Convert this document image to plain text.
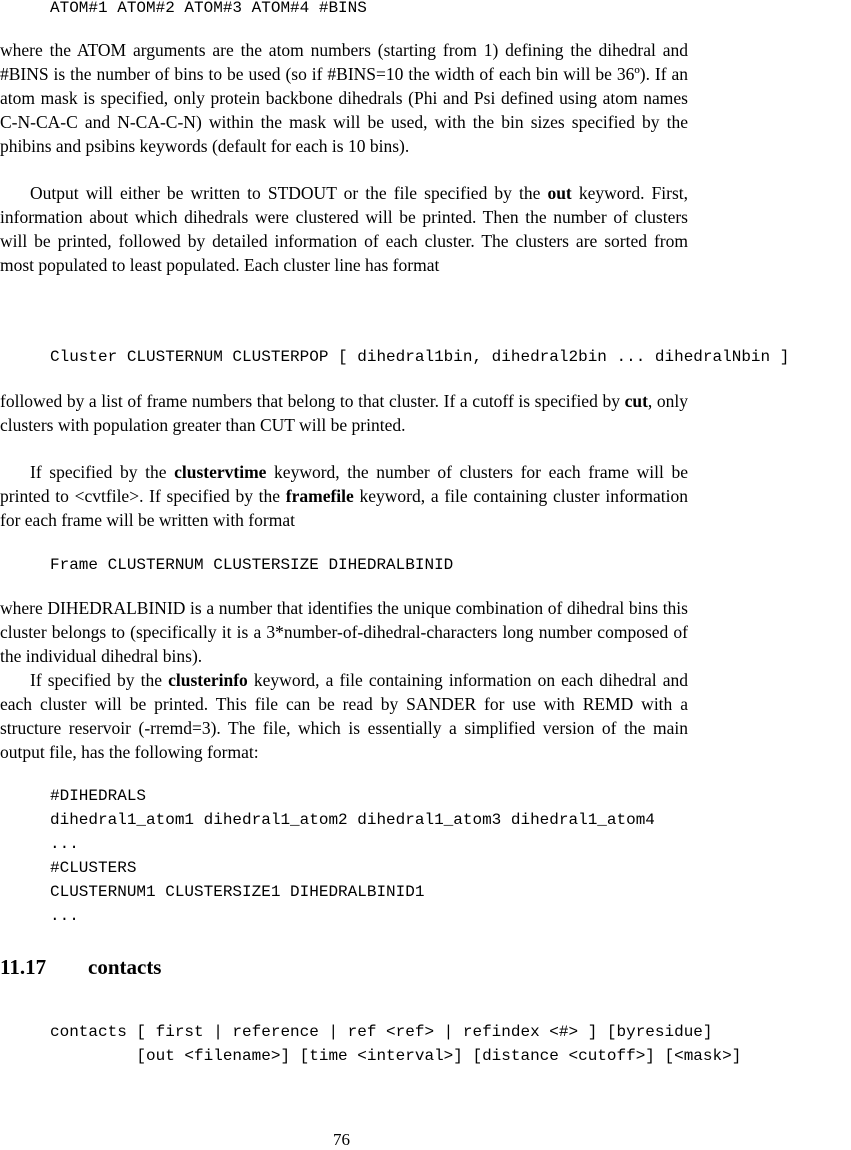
ATOM#1 ATOM#2 ATOM#3 ATOM#4 #BINS

where the ATOM arguments are the atom numbers (starting from 1) defining the dihedral and #BINS is the number of bins to be used (so if #BINS=10 the width of each bin will be 36º). If an atom mask is specified, only protein backbone dihedrals (Phi and Psi defined using atom names C-N-CA-C and N-CA-C-N) within the mask will be used, with the bin sizes specified by the phibins and psibins keywords (default for each is 10 bins).

Output will either be written to STDOUT or the file specified by the out keyword. First, information about which dihedrals were clustered will be printed. Then the number of clusters will be printed, followed by detailed information of each cluster. The clusters are sorted from most populated to least populated. Each cluster line has format

Cluster CLUSTERNUM CLUSTERPOP [ dihedral1bin, dihedral2bin ... dihedralNbin ]

followed by a list of frame numbers that belong to that cluster. If a cutoff is specified by cut, only clusters with population greater than CUT will be printed.

If specified by the clustervtime keyword, the number of clusters for each frame will be printed to <cvtfile>. If specified by the framefile keyword, a file containing cluster information for each frame will be written with format

Frame CLUSTERNUM CLUSTERSIZE DIHEDRALBINID

where DIHEDRALBINID is a number that identifies the unique combination of dihedral bins this cluster belongs to (specifically it is a 3*number-of-dihedral-characters long number composed of the individual dihedral bins).

If specified by the clusterinfo keyword, a file containing information on each dihedral and each cluster will be printed. This file can be read by SANDER for use with REMD with a structure reservoir (-rremd=3). The file, which is essentially a simplified version of the main output file, has the following format:

#DIHEDRALS
dihedral1_atom1 dihedral1_atom2 dihedral1_atom3 dihedral1_atom4
...
#CLUSTERS
CLUSTERNUM1 CLUSTERSIZE1 DIHEDRALBINID1
...
11.17 contacts
contacts [ first | reference | ref <ref> | refindex <#> ] [byresidue]
[out <filename>] [time <interval>] [distance <cutoff>] [<mask>]
76
